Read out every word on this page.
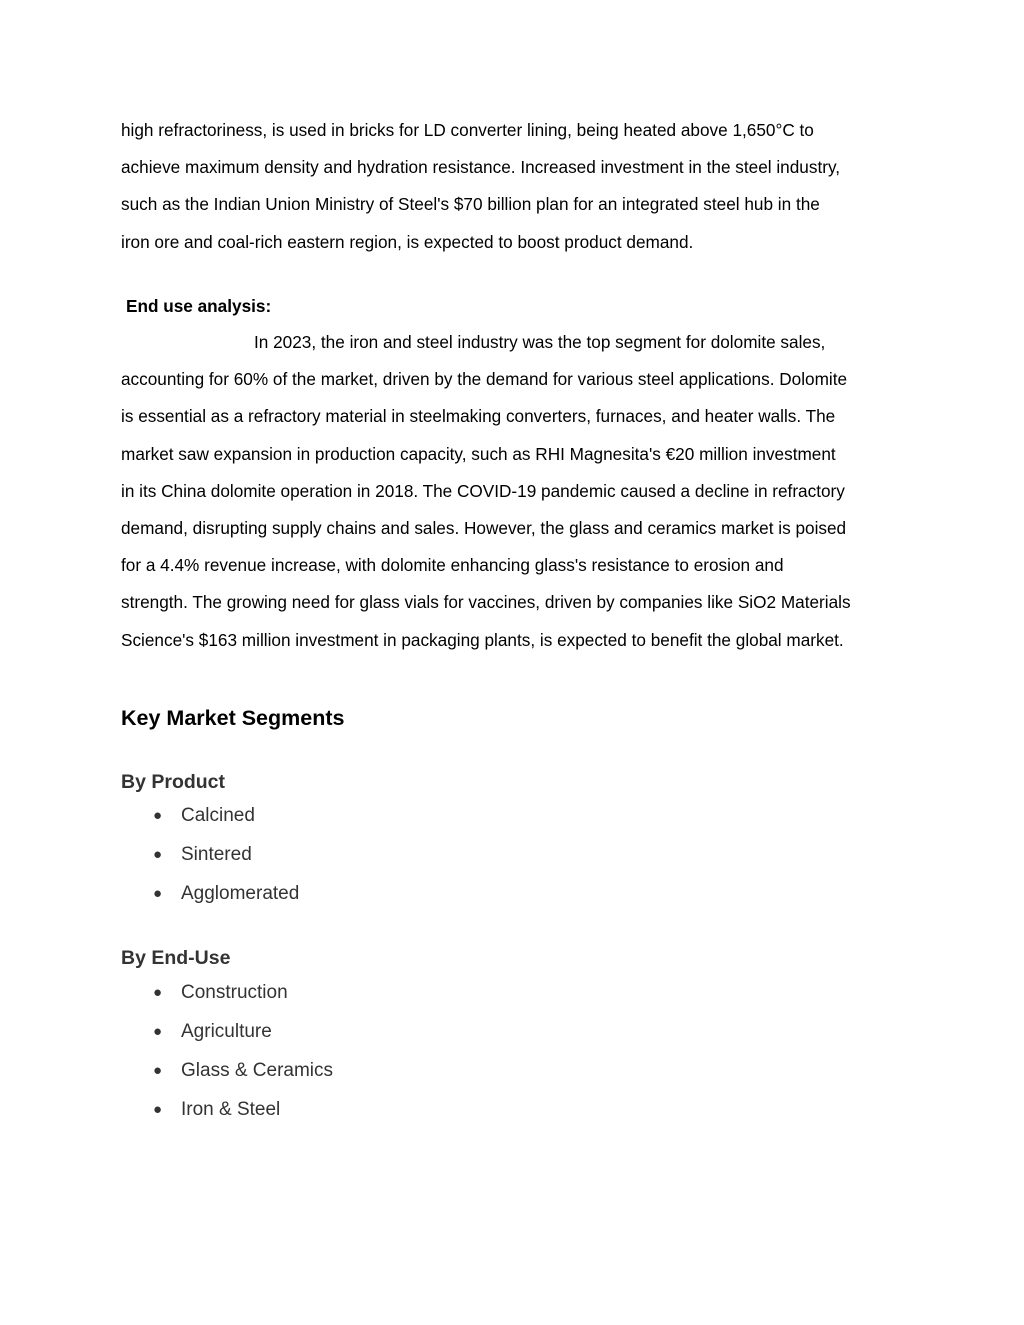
high refractoriness, is used in bricks for LD converter lining, being heated above 1,650°C to
achieve maximum density and hydration resistance. Increased investment in the steel industry,
such as the Indian Union Ministry of Steel's $70 billion plan for an integrated steel hub in the
iron ore and coal-rich eastern region, is expected to boost product demand.

End use analysis:

In 2023, the iron and steel industry was the top segment for dolomite sales,
accounting for 60% of the market, driven by the demand for various steel applications. Dolomite
is essential as a refractory material in steelmaking converters, furnaces, and heater walls. The
market saw expansion in production capacity, such as RHI Magnesita's €20 million investment
in its China dolomite operation in 2018. The COVID-19 pandemic caused a decline in refractory
demand, disrupting supply chains and sales. However, the glass and ceramics market is poised
for a 4.4% revenue increase, with dolomite enhancing glass's resistance to erosion and
strength. The growing need for glass vials for vaccines, driven by companies like SiO2 Materials
Science's $163 million investment in packaging plants, is expected to benefit the global market.

Key Market Segments
By Product
● Calcined
● Sintered
● Agglomerated
By End-Use
● Construction
● Agriculture
● Glass & Ceramics
● Iron & Steel
